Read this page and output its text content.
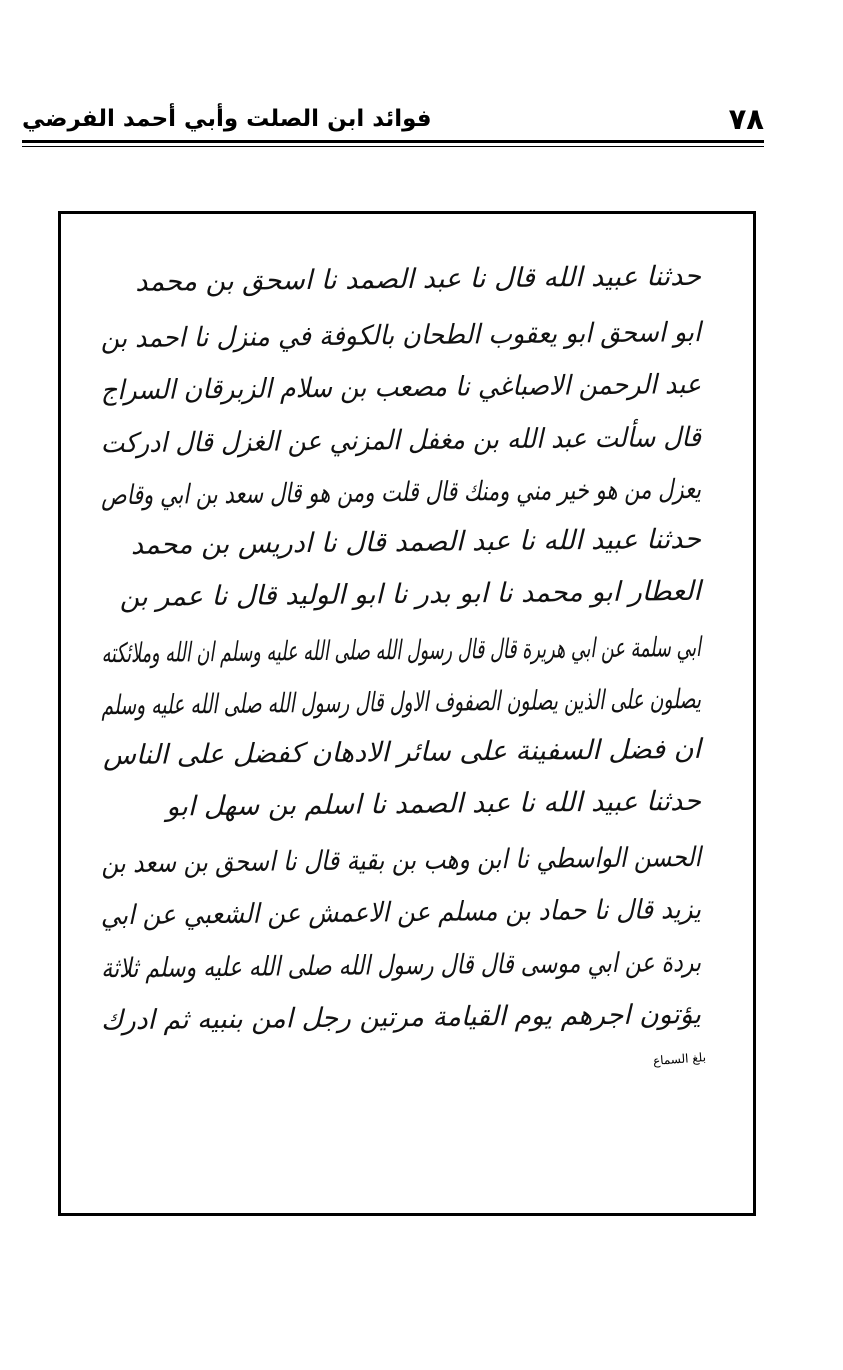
٧٨
فوائد ابن الصلت وأبي أحمد الفرضي
حدثنا عبيد الله قال نا عبد الصمد نا اسحق بن محمد
ابو اسحق ابو يعقوب الطحان بالكوفة في منزل نا احمد بن
عبد الرحمن الاصباغي نا مصعب بن سلام الزبرقان السراج
قال سألت عبد الله بن مغفل المزني عن الغزل قال ادركت
يعزل من هو خير مني ومنك قال قلت ومن هو قال سعد بن ابي وقاص
حدثنا عبيد الله نا عبد الصمد قال نا ادريس بن محمد
العطار ابو محمد نا ابو بدر نا ابو الوليد قال نا عمر بن
ابي سلمة عن ابي هريرة قال قال رسول الله صلى الله عليه وسلم ان الله وملائكته
يصلون على الذين يصلون الصفوف الاول قال رسول الله صلى الله عليه وسلم
ان فضل السفينة على سائر الادهان كفضل على الناس
حدثنا عبيد الله نا عبد الصمد نا اسلم بن سهل ابو
الحسن الواسطي نا ابن وهب بن بقية قال نا اسحق بن سعد بن
يزيد قال نا حماد بن مسلم عن الاعمش عن الشعبي عن ابي
بردة عن ابي موسى قال قال رسول الله صلى الله عليه وسلم ثلاثة
يؤتون اجرهم يوم القيامة مرتين رجل امن بنبيه ثم ادرك
بلغ السماع
